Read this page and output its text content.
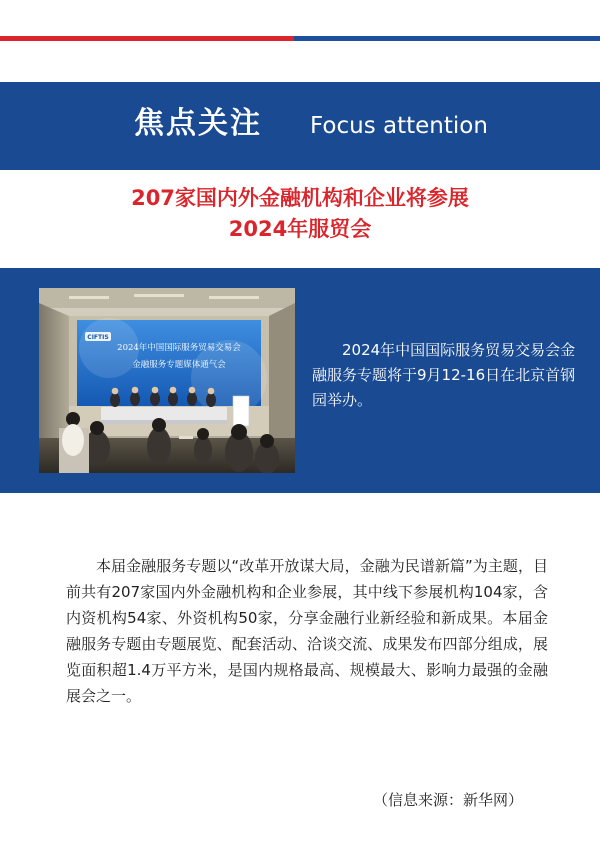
焦点关注 Focus attention
207家国内外金融机构和企业将参展
2024年服贸会
CIFTIS
2024年中国国际服务贸易交易会
金融服务专题媒体通气会
2024年中国国际服务贸易交易会金融服务专题将于9月12-16日在北京首钢园举办。
本届金融服务专题以“改革开放谋大局，金融为民谱新篇”为主题，目前共有207家国内外金融机构和企业参展，其中线下参展机构104家，含内资机构54家、外资机构50家，分享金融行业新经验和新成果。本届金融服务专题由专题展览、配套活动、洽谈交流、成果发布四部分组成，展览面积超1.4万平方米，是国内规格最高、规模最大、影响力最强的金融展会之一。
（信息来源：新华网）
